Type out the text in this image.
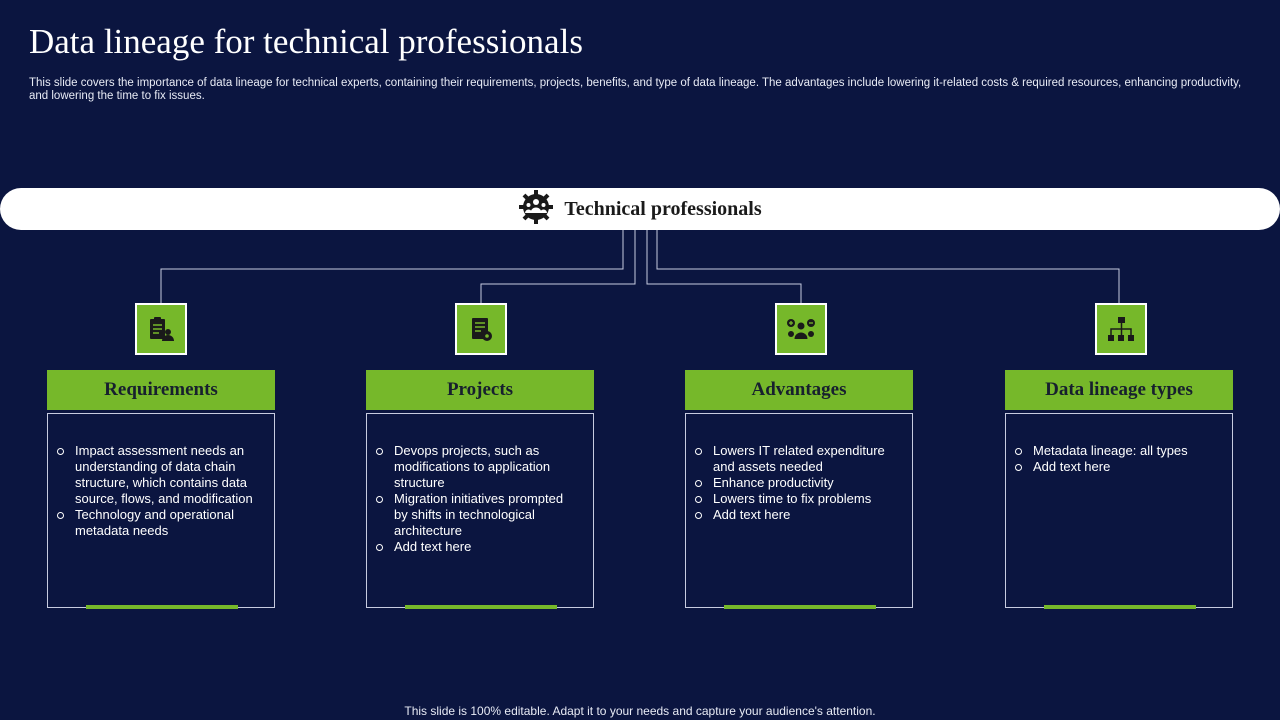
Data lineage for technical professionals

This slide covers the importance of data lineage for technical experts, containing their requirements, projects, benefits, and type of data lineage. The advantages include lowering it-related costs & required resources, enhancing productivity, and lowering the time to fix issues.

Technical professionals
Requirements	Projects	Advantages	Data lineage types
Impact assessment needs an understanding of data chain structure, which contains data source, flows, and modification
Technology and operational metadata needs
Devops projects, such as modifications to application structure
Migration initiatives prompted by shifts in technological architecture
Add text here
Lowers IT related expenditure and assets needed
Enhance productivity
Lowers time to fix problems
Add text here
Metadata lineage: all types
Add text here
This slide is 100% editable. Adapt it to your needs and capture your audience's attention.
